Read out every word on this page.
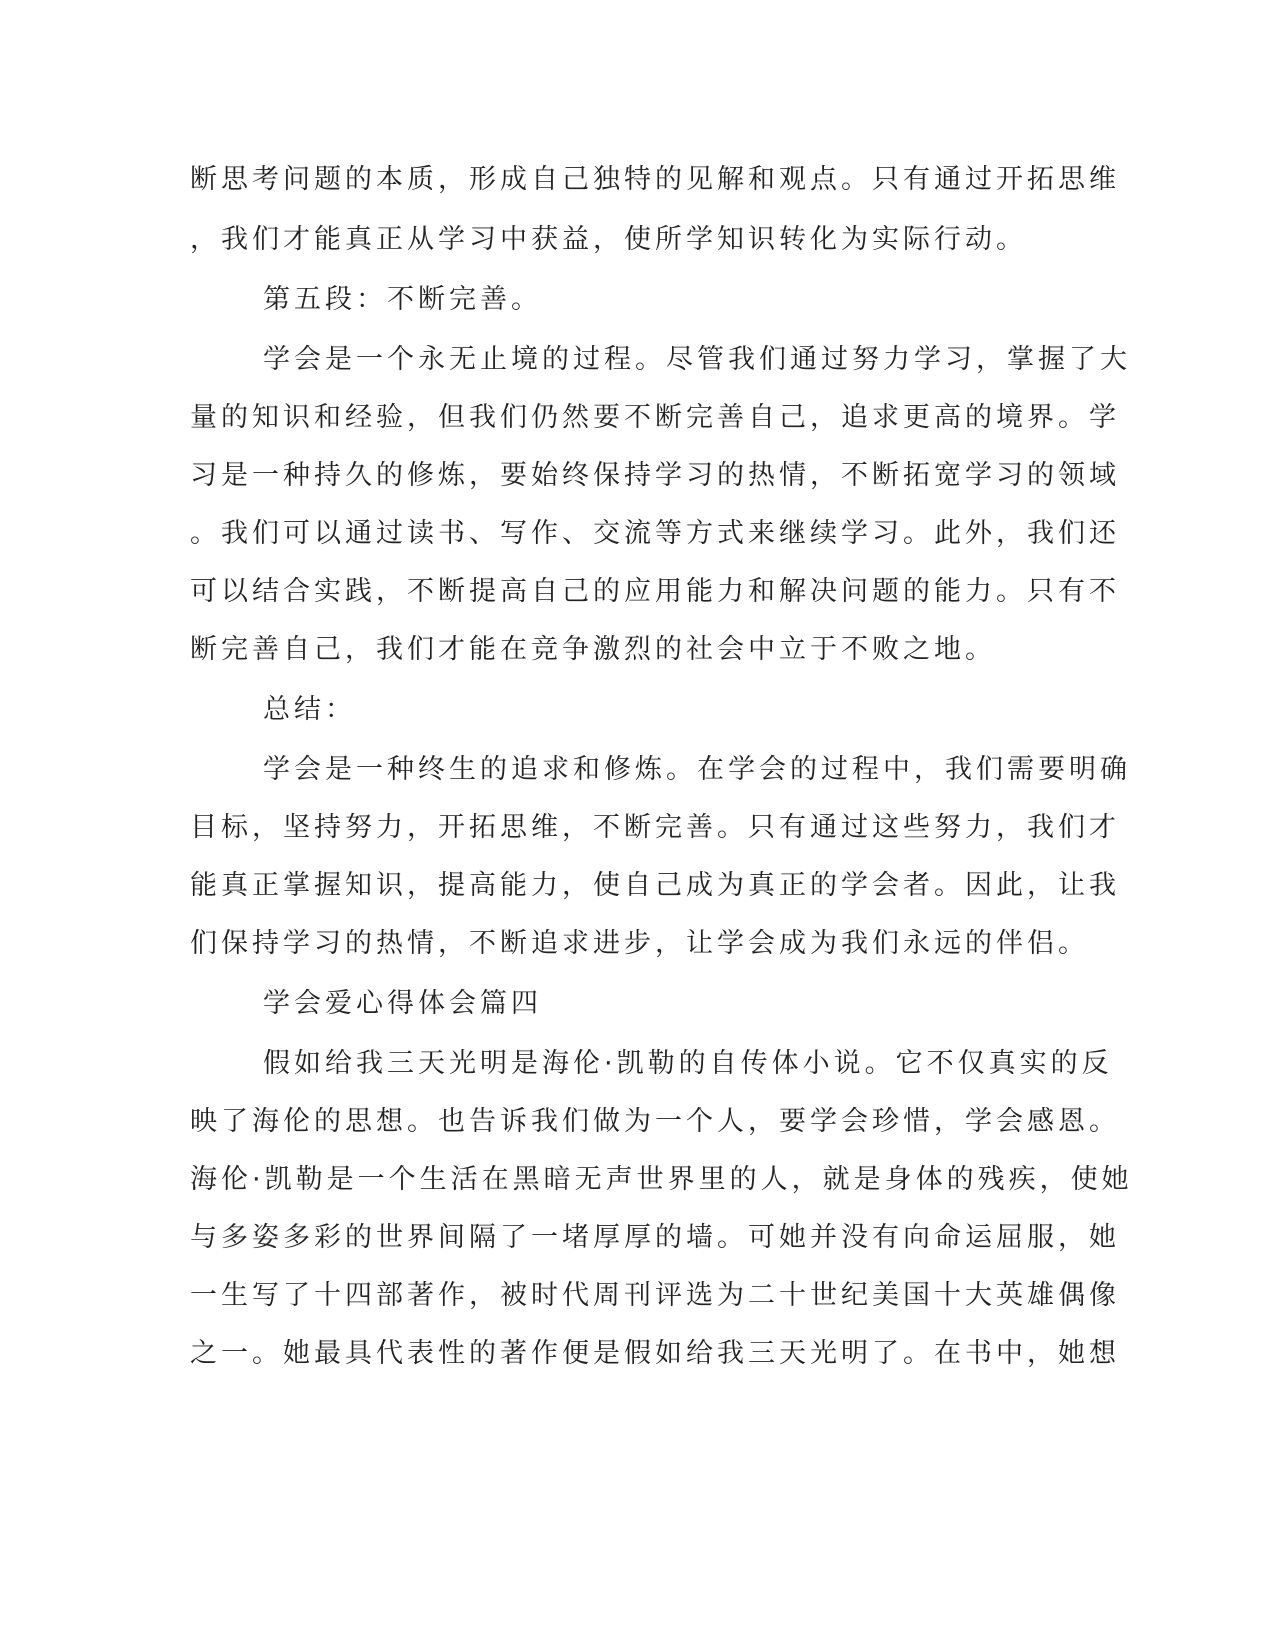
断思考问题的本质，形成自己独特的见解和观点。只有通过开拓思维
，我们才能真正从学习中获益，使所学知识转化为实际行动。
第五段：不断完善。
学会是一个永无止境的过程。尽管我们通过努力学习，掌握了大
量的知识和经验，但我们仍然要不断完善自己，追求更高的境界。学
习是一种持久的修炼，要始终保持学习的热情，不断拓宽学习的领域
。我们可以通过读书、写作、交流等方式来继续学习。此外，我们还
可以结合实践，不断提高自己的应用能力和解决问题的能力。只有不
断完善自己，我们才能在竞争激烈的社会中立于不败之地。
总结：
学会是一种终生的追求和修炼。在学会的过程中，我们需要明确
目标，坚持努力，开拓思维，不断完善。只有通过这些努力，我们才
能真正掌握知识，提高能力，使自己成为真正的学会者。因此，让我
们保持学习的热情，不断追求进步，让学会成为我们永远的伴侣。
学会爱心得体会篇四
假如给我三天光明是海伦·凯勒的自传体小说。它不仅真实的反
映了海伦的思想。也告诉我们做为一个人，要学会珍惜，学会感恩。
海伦·凯勒是一个生活在黑暗无声世界里的人，就是身体的残疾，使她
与多姿多彩的世界间隔了一堵厚厚的墙。可她并没有向命运屈服，她
一生写了十四部著作，被时代周刊评选为二十世纪美国十大英雄偶像
之一。她最具代表性的著作便是假如给我三天光明了。在书中，她想
